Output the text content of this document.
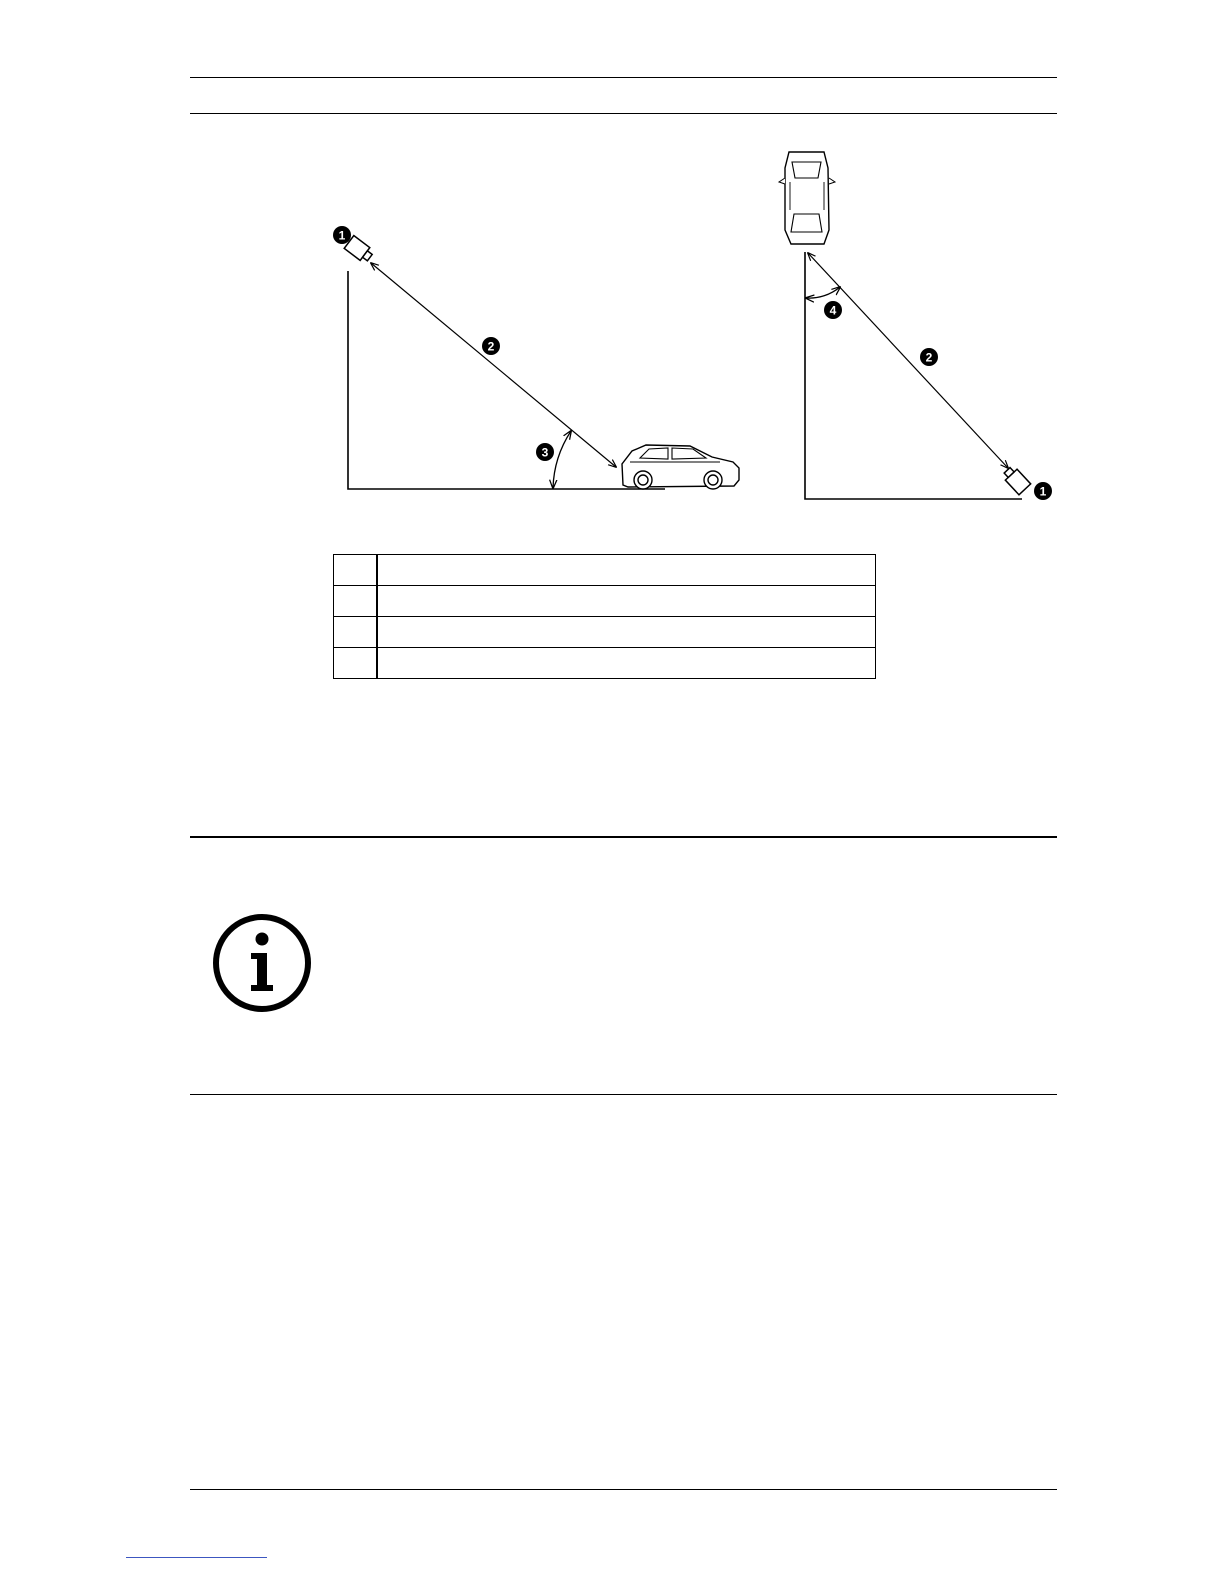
1
2
3
4
2
1
